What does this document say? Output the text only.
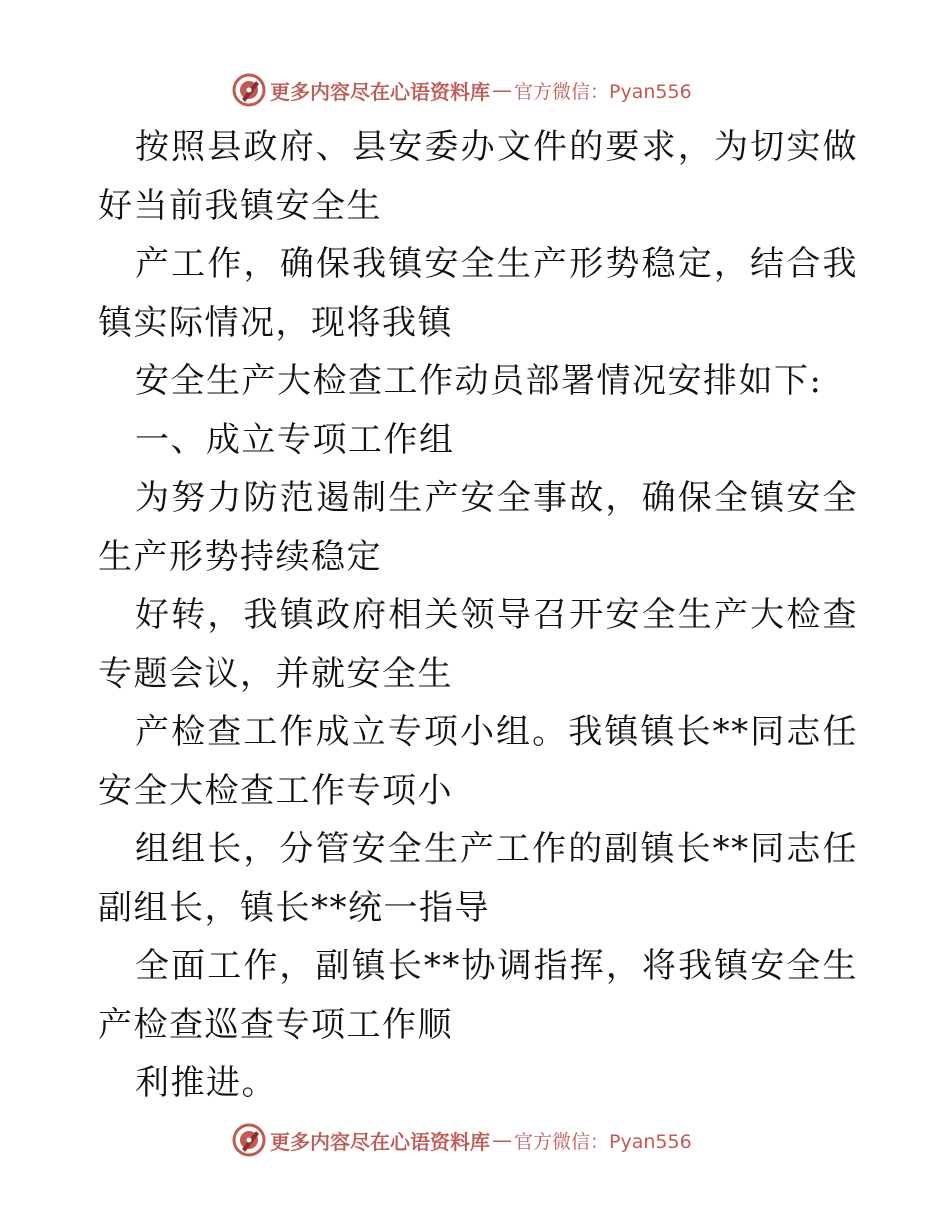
更多内容尽在心语资料库 — 官方微信：Pyan556

按照县政府、县安委办文件的要求，为切实做好当前我镇安全生

产工作，确保我镇安全生产形势稳定，结合我镇实际情况，现将我镇

安全生产大检查工作动员部署情况安排如下:

一、成立专项工作组

为努力防范遏制生产安全事故，确保全镇安全生产形势持续稳定

好转，我镇政府相关领导召开安全生产大检查专题会议，并就安全生

产检查工作成立专项小组。我镇镇长**同志任安全大检查工作专项小

组组长，分管安全生产工作的副镇长**同志任副组长，镇长**统一指导

全面工作，副镇长**协调指挥，将我镇安全生产检查巡查专项工作顺

利推进。

更多内容尽在心语资料库 — 官方微信：Pyan556
